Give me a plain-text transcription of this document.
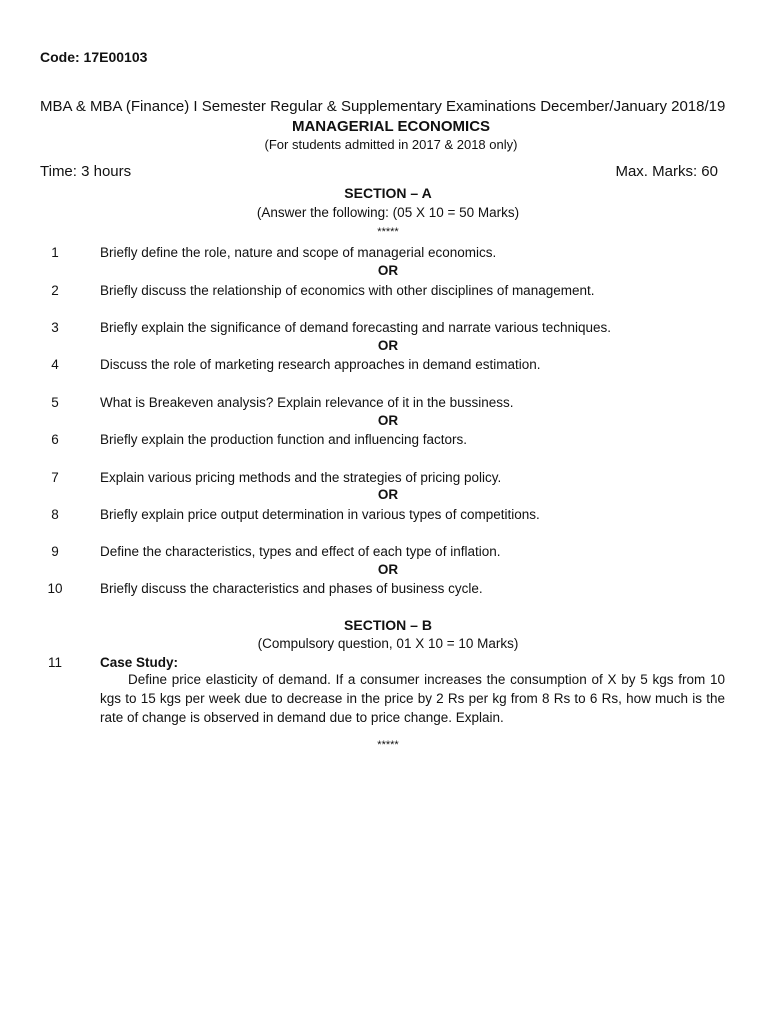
Code: 17E00103
MBA & MBA (Finance) I Semester Regular & Supplementary Examinations December/January 2018/19
MANAGERIAL ECONOMICS
(For students admitted in 2017 & 2018 only)
Time: 3 hours	Max. Marks: 60
SECTION – A
(Answer the following: (05 X 10 = 50 Marks)
*****
1	Briefly define the role, nature and scope of managerial economics.
OR
2	Briefly discuss the relationship of economics with other disciplines of management.
3	Briefly explain the significance of demand forecasting and narrate various techniques.
OR
4	Discuss the role of marketing research approaches in demand estimation.
5	What is Breakeven analysis? Explain relevance of it in the bussiness.
OR
6	Briefly explain the production function and influencing factors.
7	Explain various pricing methods and the strategies of pricing policy.
OR
8	Briefly explain price output determination in various types of competitions.
9	Define the characteristics, types and effect of each type of inflation.
OR
10	Briefly discuss the characteristics and phases of business cycle.
SECTION – B
(Compulsory question, 01 X 10 = 10 Marks)
11	Case Study:
Define price elasticity of demand. If a consumer increases the consumption of X by 5 kgs from 10 kgs to 15 kgs per week due to decrease in the price by 2 Rs per kg from 8 Rs to 6 Rs, how much is the rate of change is observed in demand due to price change. Explain.
*****
